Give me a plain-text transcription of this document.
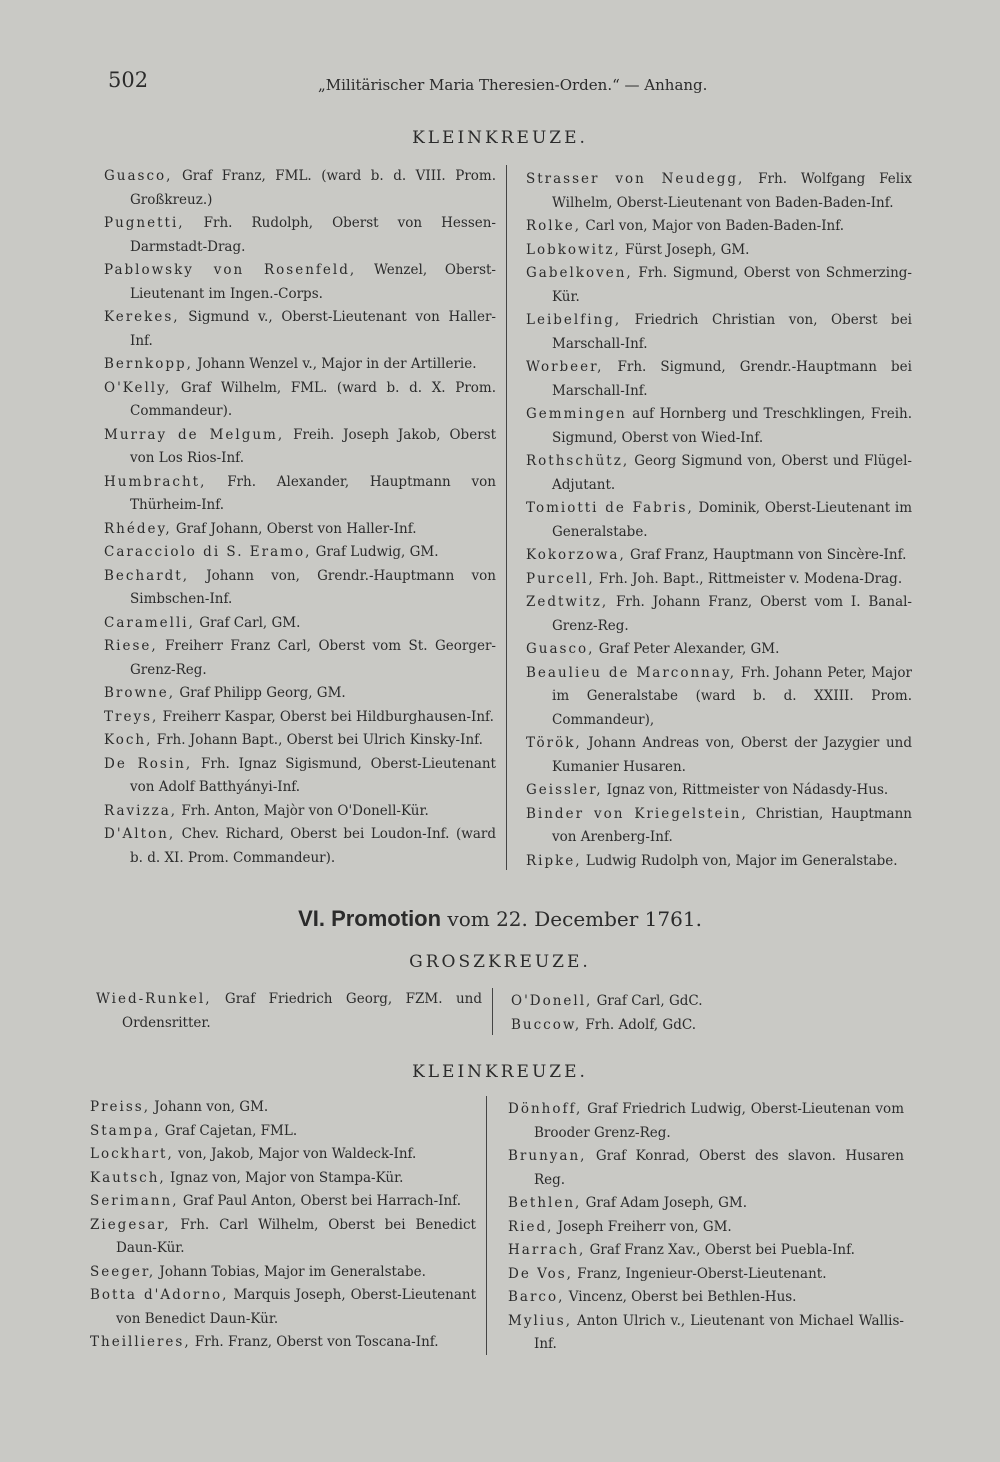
502	„Militärischer Maria Theresien-Orden.“ — Anhang.
KLEINKREUZE.

Guasco, Graf Franz, FML. (ward b. d. VIII. Prom. Großkreuz.)

Pugnetti, Frh. Rudolph, Oberst von Hessen-Darmstadt-Drag.

Pablowsky von Rosenfeld, Wenzel, Oberst-Lieutenant im Ingen.-Corps.

Kerekes, Sigmund v., Oberst-Lieutenant von Haller-Inf.

Bernkopp, Johann Wenzel v., Major in der Artillerie.

O'Kelly, Graf Wilhelm, FML. (ward b. d. X. Prom. Commandeur).

Murray de Melgum, Freih. Joseph Jakob, Oberst von Los Rios-Inf.

Humbracht, Frh. Alexander, Hauptmann von Thürheim-Inf.

Rhédey, Graf Johann, Oberst von Haller-Inf.

Caracciolo di S. Eramo, Graf Ludwig, GM.

Bechardt, Johann von, Grendr.-Hauptmann von Simbschen-Inf.

Caramelli, Graf Carl, GM.

Riese, Freiherr Franz Carl, Oberst vom St. Georger-Grenz-Reg.

Browne, Graf Philipp Georg, GM.

Treys, Freiherr Kaspar, Oberst bei Hildburghausen-Inf.

Koch, Frh. Johann Bapt., Oberst bei Ulrich Kinsky-Inf.

De Rosin, Frh. Ignaz Sigismund, Oberst-Lieutenant von Adolf Batthyányi-Inf.

Ravizza, Frh. Anton, Majòr von O'Donell-Kür.

D'Alton, Chev. Richard, Oberst bei Loudon-Inf. (ward b. d. XI. Prom. Commandeur).

Strasser von Neudegg, Frh. Wolfgang Felix Wilhelm, Oberst-Lieutenant von Baden-Baden-Inf.

Rolke, Carl von, Major von Baden-Baden-Inf.

Lobkowitz, Fürst Joseph, GM.

Gabelkoven, Frh. Sigmund, Oberst von Schmerzing-Kür.

Leibelfing, Friedrich Christian von, Oberst bei Marschall-Inf.

Worbeer, Frh. Sigmund, Grendr.-Hauptmann bei Marschall-Inf.

Gemmingen auf Hornberg und Treschklingen, Freih. Sigmund, Oberst von Wied-Inf.

Rothschütz, Georg Sigmund von, Oberst und Flügel-Adjutant.

Tomiotti de Fabris, Dominik, Oberst-Lieutenant im Generalstabe.

Kokorzowa, Graf Franz, Hauptmann von Sincère-Inf.

Purcell, Frh. Joh. Bapt., Rittmeister v. Modena-Drag.

Zedtwitz, Frh. Johann Franz, Oberst vom I. Banal-Grenz-Reg.

Guasco, Graf Peter Alexander, GM.

Beaulieu de Marconnay, Frh. Johann Peter, Major im Generalstabe (ward b. d. XXIII. Prom. Commandeur),

Török, Johann Andreas von, Oberst der Jazygier und Kumanier Husaren.

Geissler, Ignaz von, Rittmeister von Nádasdy-Hus.

Binder von Kriegelstein, Christian, Hauptmann von Arenberg-Inf.

Ripke, Ludwig Rudolph von, Major im Generalstabe.

VI. Promotion vom 22. December 1761.
GROSZKREUZE.

Wied-Runkel, Graf Friedrich Georg, FZM. und Ordensritter.

O'Donell, Graf Carl, GdC.

Buccow, Frh. Adolf, GdC.

KLEINKREUZE.

Preiss, Johann von, GM.

Stampa, Graf Cajetan, FML.

Lockhart, von, Jakob, Major von Waldeck-Inf.

Kautsch, Ignaz von, Major von Stampa-Kür.

Serimann, Graf Paul Anton, Oberst bei Harrach-Inf.

Ziegesar, Frh. Carl Wilhelm, Oberst bei Benedict Daun-Kür.

Seeger, Johann Tobias, Major im Generalstabe.

Botta d'Adorno, Marquis Joseph, Oberst-Lieutenant von Benedict Daun-Kür.

Theillieres, Frh. Franz, Oberst von Toscana-Inf.

Dönhoff, Graf Friedrich Ludwig, Oberst-Lieutenan vom Brooder Grenz-Reg.

Brunyan, Graf Konrad, Oberst des slavon. Husaren Reg.

Bethlen, Graf Adam Joseph, GM.

Ried, Joseph Freiherr von, GM.

Harrach, Graf Franz Xav., Oberst bei Puebla-Inf.

De Vos, Franz, Ingenieur-Oberst-Lieutenant.

Barco, Vincenz, Oberst bei Bethlen-Hus.

Mylius, Anton Ulrich v., Lieutenant von Michael Wallis-Inf.
